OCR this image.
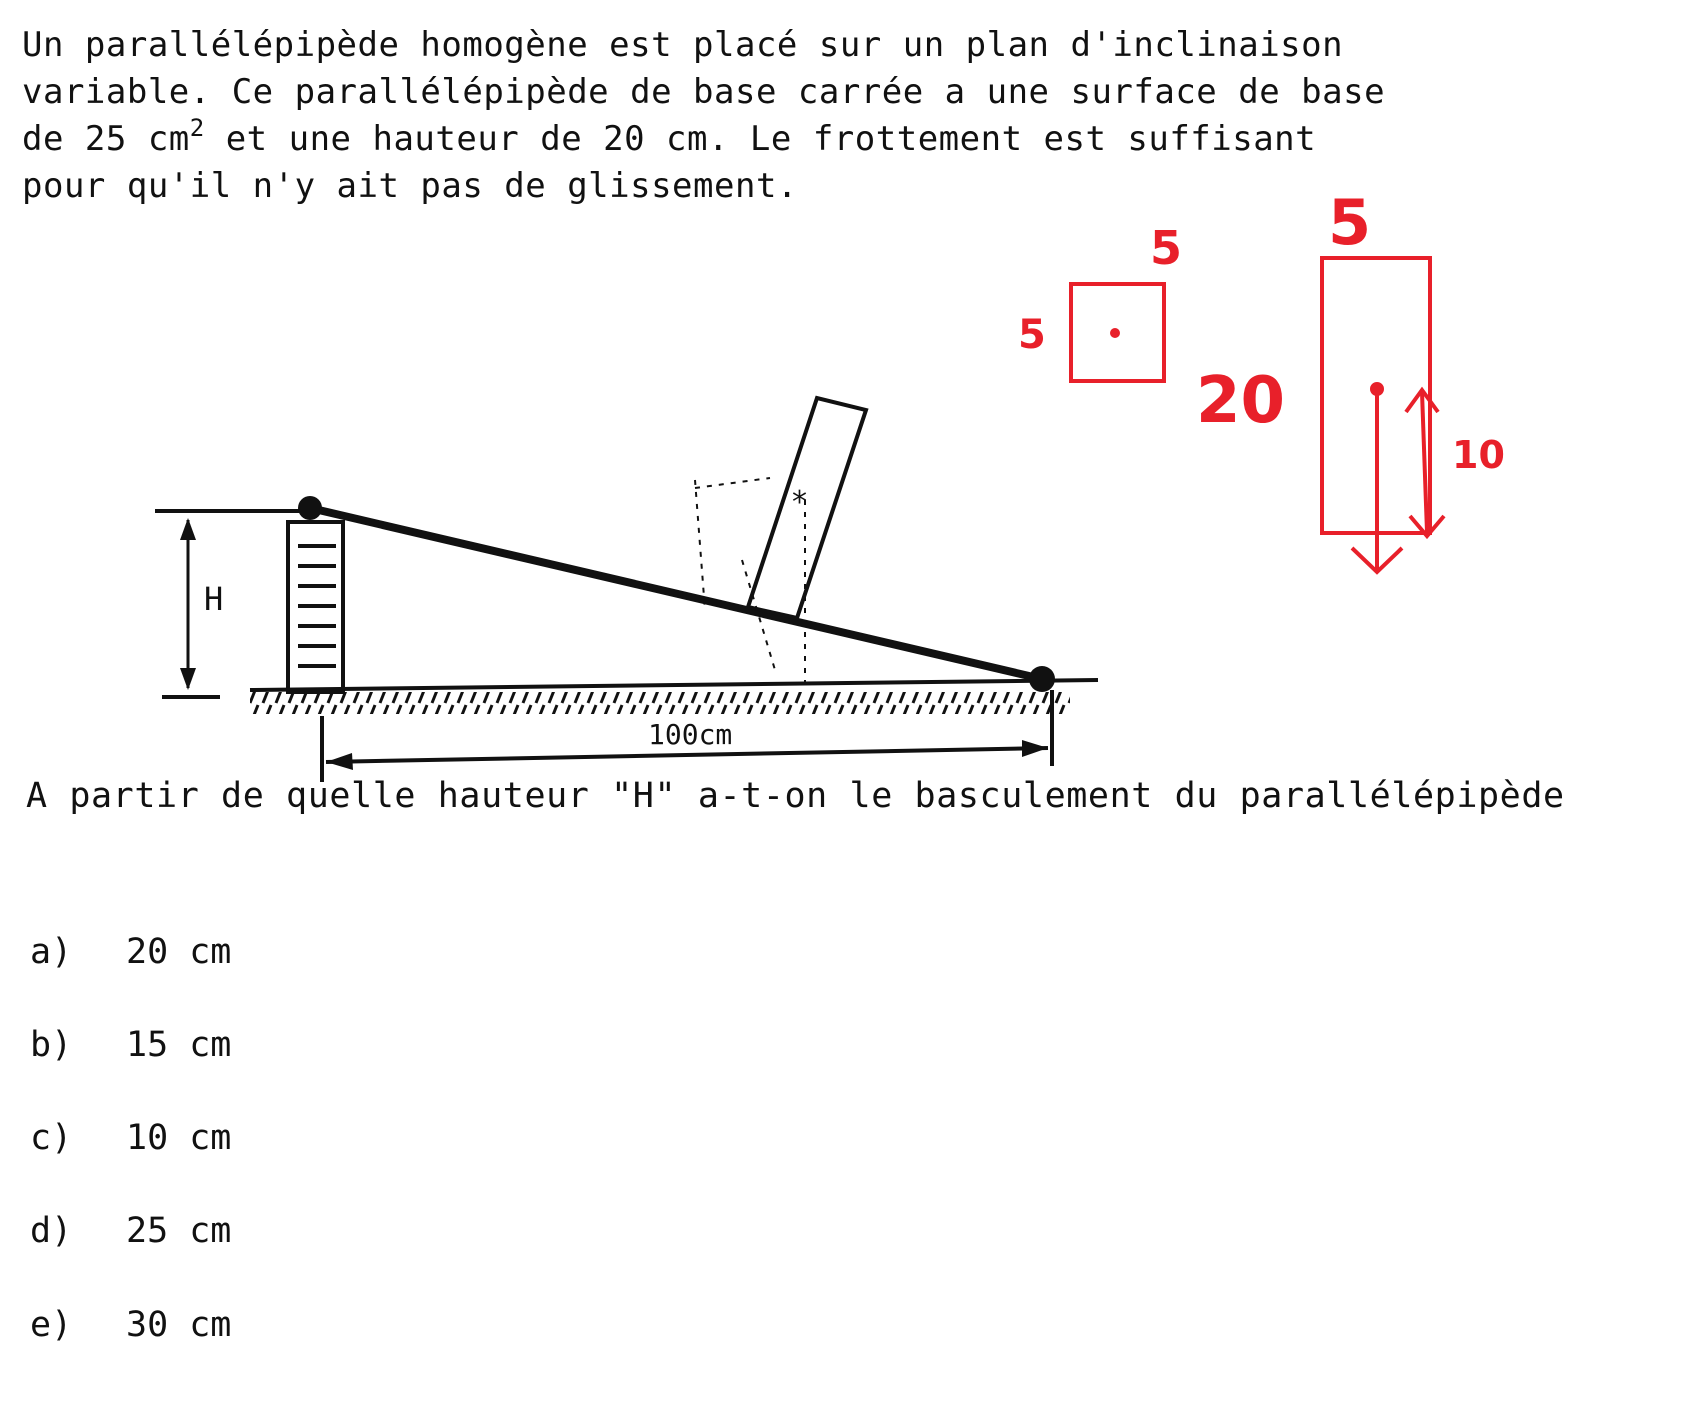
Un parallélépipède homogène est placé sur un plan d'inclinaison
variable. Ce parallélépipède de base carrée a une surface de base
de 25 $cm^2$ et une hauteur de 20 cm. Le frottement est suffisant
pour qu'il n'y ait pas de glissement.

H
*
100cm
5
5
5
20
10

A partir de quelle hauteur "H" a-t-on le basculement du parallélépipède

a) 20 cm
b) 15 cm
c) 10 cm
d) 25 cm
e) 30 cm
